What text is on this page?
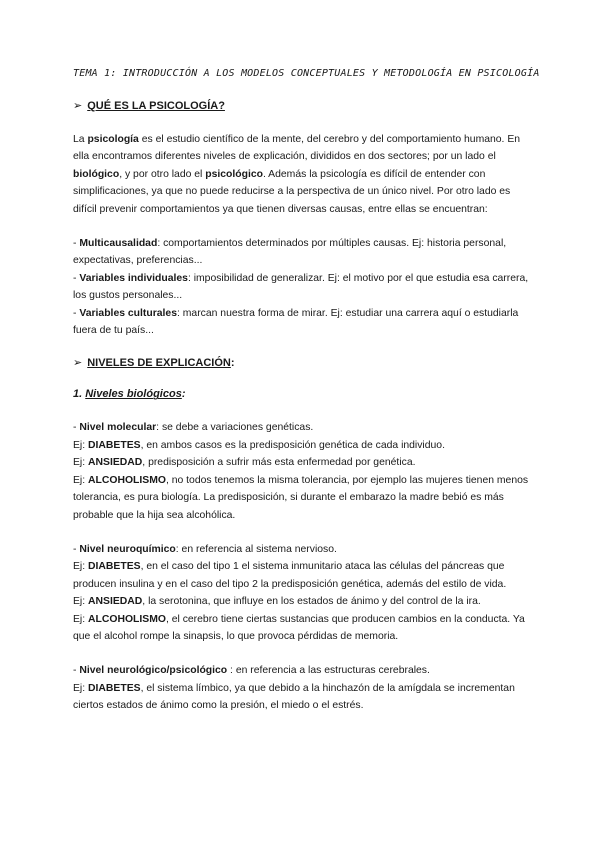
TEMA 1: INTRODUCCIÓN A LOS MODELOS CONCEPTUALES Y METODOLOGÍA EN PSICOLOGÍA
➢ QUÉ ES LA PSICOLOGÍA?

La psicología es el estudio científico de la mente, del cerebro y del comportamiento humano. En ella encontramos diferentes niveles de explicación, divididos en dos sectores; por un lado el biológico, y por otro lado el psicológico. Además la psicología es difícil de entender con simplificaciones, ya que no puede reducirse a la perspectiva de un único nivel. Por otro lado es difícil prevenir comportamientos ya que tienen diversas causas, entre ellas se encuentran:

- Multicausalidad: comportamientos determinados por múltiples causas. Ej: historia personal, expectativas, preferencias...

- Variables individuales: imposibilidad de generalizar. Ej: el motivo por el que estudia esa carrera, los gustos personales...

- Variables culturales: marcan nuestra forma de mirar. Ej: estudiar una carrera aquí o estudiarla fuera de tu país...

➢ NIVELES DE EXPLICACIÓN:
1. Niveles biológicos:

- Nivel molecular: se debe a variaciones genéticas.

Ej: DIABETES, en ambos casos es la predisposición genética de cada individuo.

Ej: ANSIEDAD, predisposición a sufrir más esta enfermedad por genética.

Ej: ALCOHOLISMO, no todos tenemos la misma tolerancia, por ejemplo las mujeres tienen menos tolerancia, es pura biología. La predisposición, si durante el embarazo la madre bebió es más probable que la hija sea alcohólica.

- Nivel neuroquímico: en referencia al sistema nervioso.

Ej: DIABETES, en el caso del tipo 1 el sistema inmunitario ataca las células del páncreas que producen insulina y en el caso del tipo 2 la predisposición genética, además del estilo de vida.

Ej: ANSIEDAD, la serotonina, que influye en los estados de ánimo y del control de la ira.

Ej: ALCOHOLISMO, el cerebro tiene ciertas sustancias que producen cambios en la conducta. Ya que el alcohol rompe la sinapsis, lo que provoca pérdidas de memoria.

- Nivel neurológico/psicológico : en referencia a las estructuras cerebrales.

Ej: DIABETES, el sistema límbico, ya que debido a la hinchazón de la amígdala se incrementan ciertos estados de ánimo como la presión, el miedo o el estrés.
